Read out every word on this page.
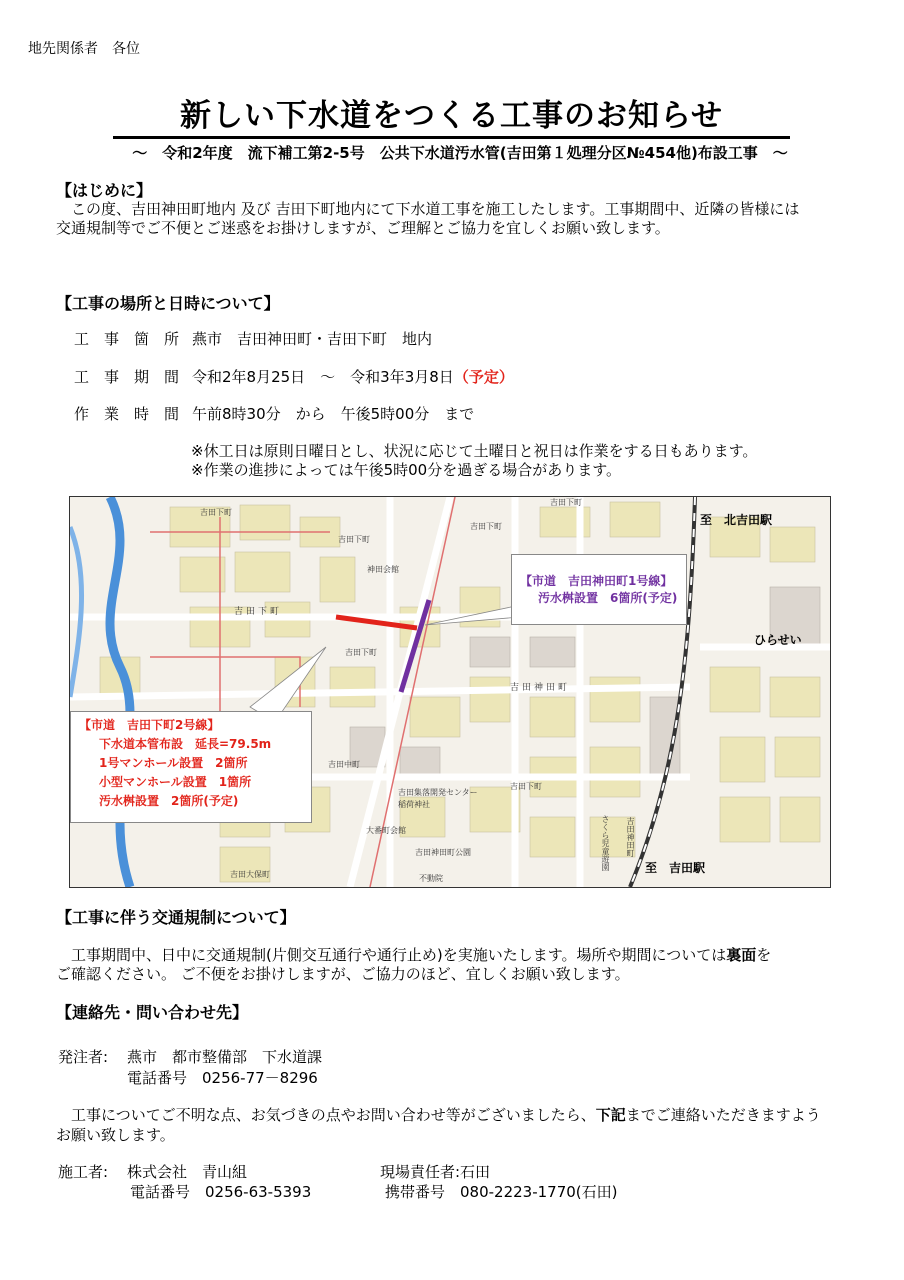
地先関係者　各位
新しい下水道をつくる工事のお知らせ
～　令和2年度　流下補工第2-5号　公共下水道汚水管(吉田第１処理分区№454他)布設工事　～
【はじめに】
　この度、吉田神田町地内 及び 吉田下町地内にて下水道工事を施工したします。工事期間中、近隣の皆様には
交通規制等でご不便とご迷惑をお掛けしますが、ご理解とご協力を宜しくお願い致します。
【工事の場所と日時について】
工　事　箇　所 燕市　吉田神田町・吉田下町　地内
工　事　期　間 令和2年8月25日　～　令和3年3月8日（予定）
作　業　時　間 午前8時30分　から　午後5時00分　まで
※休工日は原則日曜日とし、状況に応じて土曜日と祝日は作業をする日もあります。
※作業の進捗によっては午後5時00分を過ぎる場合があります。
至　北吉田駅
至　吉田駅
ひらせい
吉田神田町
吉田下町
吉田下町
吉田下町
神田会館
吉田下町
吉田下町
吉田下町
吉田集落開発センター
稲荷神社
吉田神田町公園
大番町会館
不動院
吉田下町
吉田神田町
さくら児童遊園
吉田中町
吉田大保町
【市道　吉田神田町1号線】
汚水桝設置　6箇所(予定)
【市道　吉田下町2号線】
下水道本管布設　延長=79.5m
1号マンホール設置　2箇所
小型マンホール設置　1箇所
汚水桝設置　2箇所(予定)
【工事に伴う交通規制について】
　工事期間中、日中に交通規制(片側交互通行や通行止め)を実施いたします。場所や期間については裏面を
ご確認ください。 ご不便をお掛けしますが、ご協力のほど、宜しくお願い致します。
【連絡先・問い合わせ先】
発注者: 燕市　都市整備部　下水道課
電話番号　0256-77－8296
　工事についてご不明な点、お気づきの点やお問い合わせ等がございましたら、下記までご連絡いただきますよう
お願い致します。
施工者: 株式会社　青山組
電話番号　0256-63-5393
現場責任者:石田
携帯番号　080-2223-1770(石田)
